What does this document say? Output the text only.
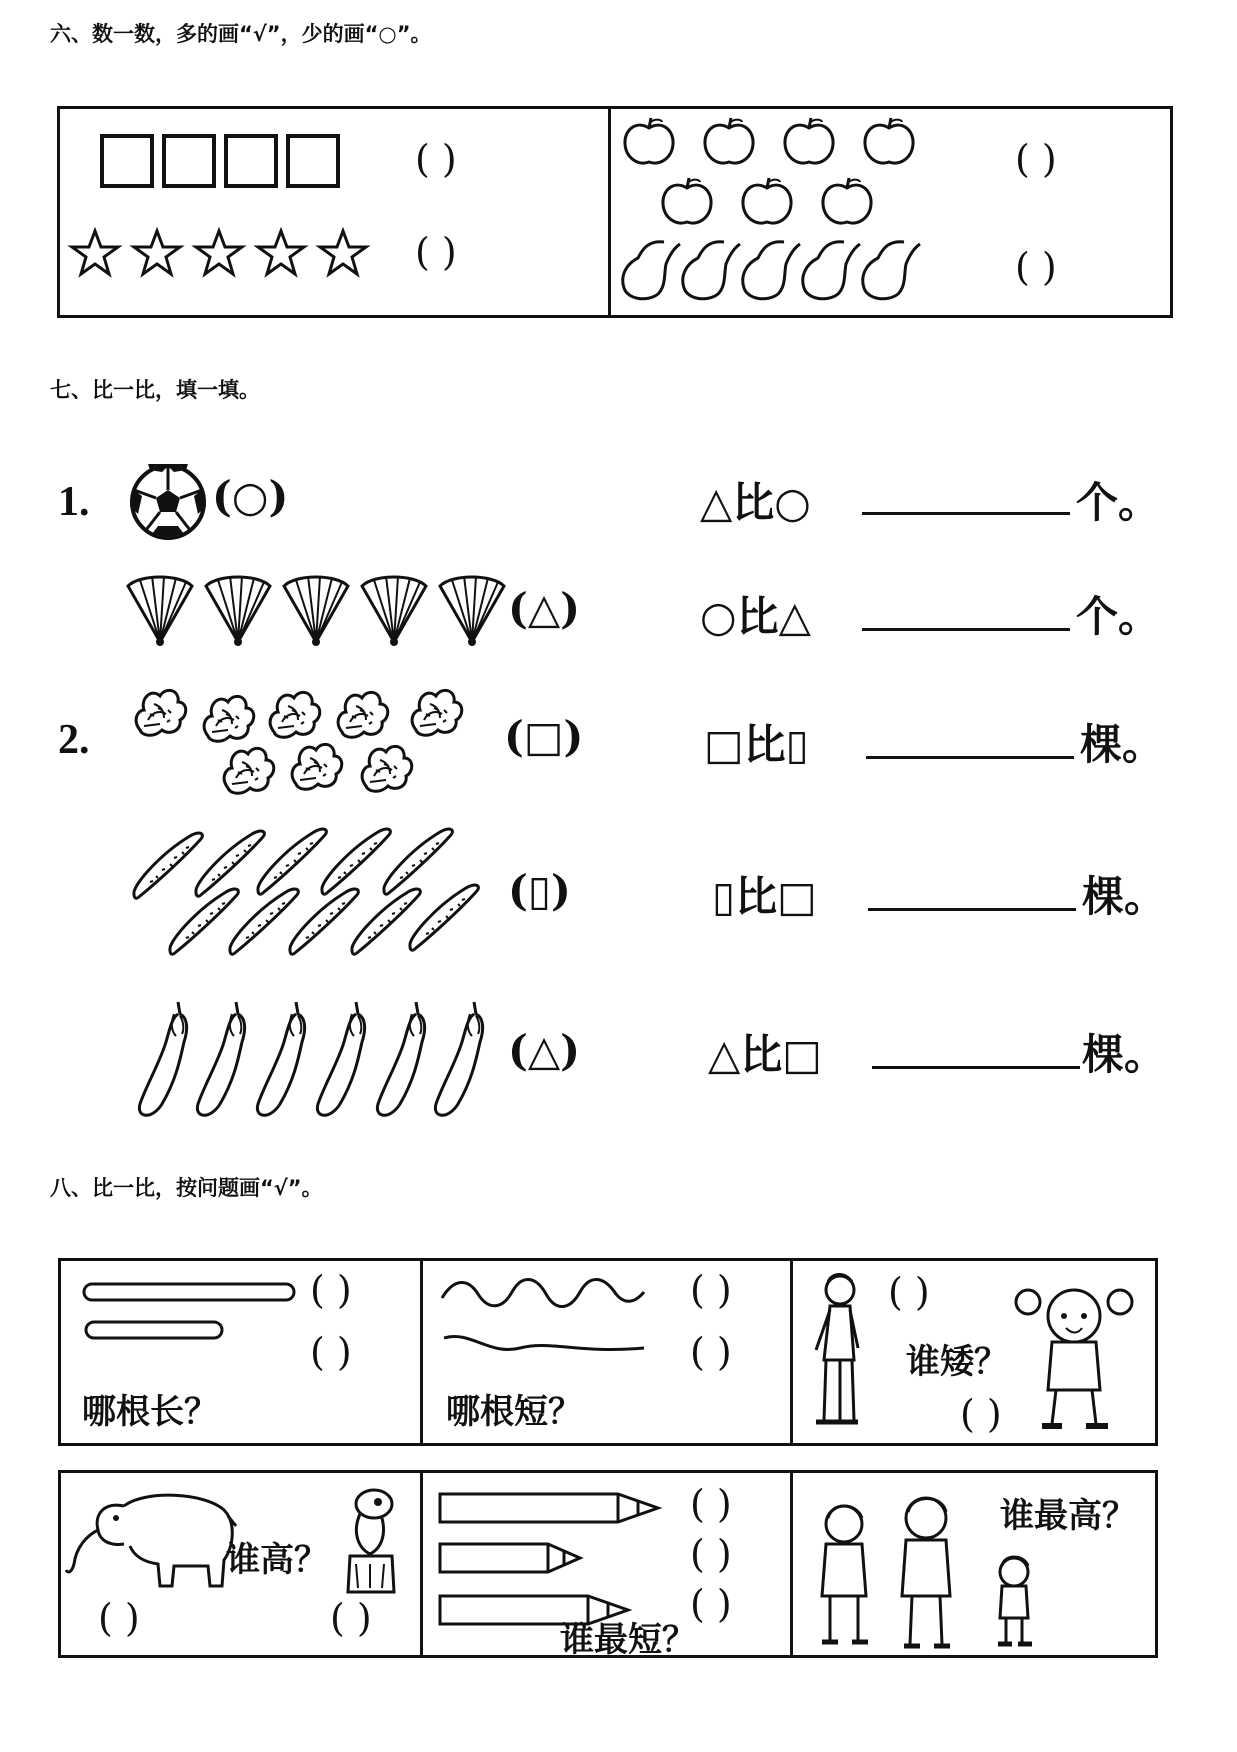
六、数一数，多的画“√”，少的画“○”。
( )
( )
( )
( )
七、比一比，填一填。
1.	(○)
(△)
△比○	个。
○比△	个。
2.	(□)
(▯)
(△)
□比▯	棵。
▯比□	棵。
△比□	棵。
八、比一比，按问题画“√”。
( )
( )
哪根长？
( )
( )
哪根短？
( )
谁矮？
( )
谁高？
( )	( )
( )
( )
( )
谁最短？
谁最高？
